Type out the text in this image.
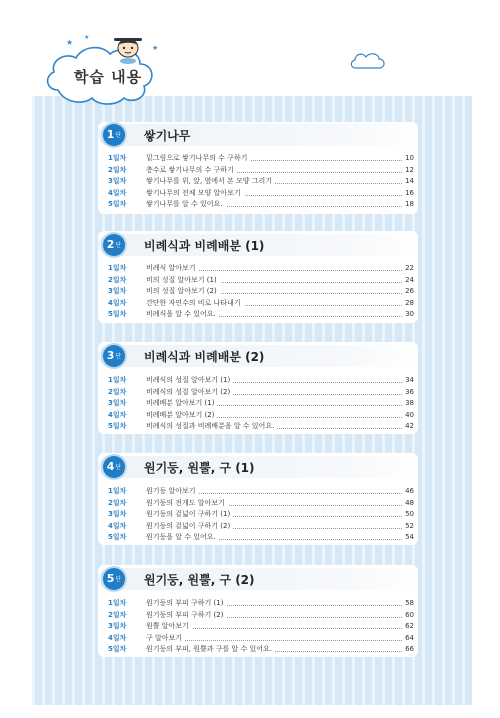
★
★
★
학습 내용
1단	쌓기나무
1일차	밑그림으로 쌓기나무의 수 구하기	10
2일차	층수로 쌓기나무의 수 구하기	12
3일차	쌓기나무를 위, 앞, 옆에서 본 모양 그리기	14
4일차	쌓기나무의 전체 모양 알아보기	16
5일차	쌓기나무를 알 수 있어요.	18
2단	비례식과 비례배분 (1)
1일차	비례식 알아보기	22
2일차	비의 성질 알아보기 (1)	24
3일차	비의 성질 알아보기 (2)	26
4일차	간단한 자연수의 비로 나타내기	28
5일차	비례식을 알 수 있어요.	30
3단	비례식과 비례배분 (2)
1일차	비례식의 성질 알아보기 (1)	34
2일차	비례식의 성질 알아보기 (2)	36
3일차	비례배분 알아보기 (1)	38
4일차	비례배분 알아보기 (2)	40
5일차	비례식의 성질과 비례배분을 알 수 있어요.	42
4단	원기둥, 원뿔, 구 (1)
1일차	원기둥 알아보기	46
2일차	원기둥의 전개도 알아보기	48
3일차	원기둥의 겉넓이 구하기 (1)	50
4일차	원기둥의 겉넓이 구하기 (2)	52
5일차	원기둥을 알 수 있어요.	54
5단	원기둥, 원뿔, 구 (2)
1일차	원기둥의 부피 구하기 (1)	58
2일차	원기둥의 부피 구하기 (2)	60
3일차	원뿔 알아보기	62
4일차	구 알아보기	64
5일차	원기둥의 부피, 원뿔과 구를 알 수 있어요.	66
